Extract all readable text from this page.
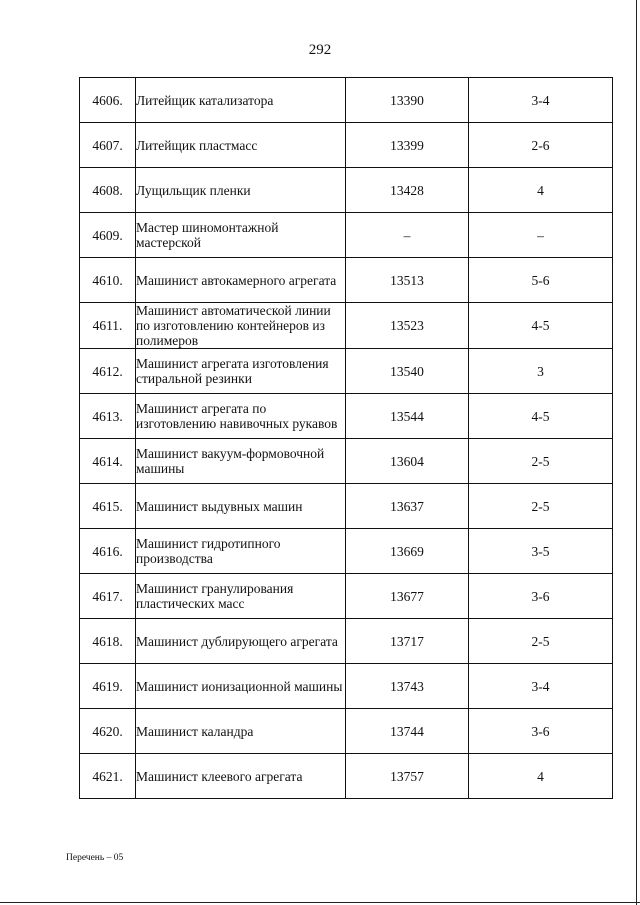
292
4606.	Литейщик катализатора	13390	3-4
4607.	Литейщик пластмасс	13399	2-6
4608.	Лущильщик пленки	13428	4
4609.	Мастер шиномонтажной мастерской	–	–
4610.	Машинист автокамерного агрегата	13513	5-6
4611.	Машинист автоматической линии по изготовлению контейнеров из полимеров	13523	4-5
4612.	Машинист агрегата изготовления стиральной резинки	13540	3
4613.	Машинист агрегата по изготовлению навивочных рукавов	13544	4-5
4614.	Машинист вакуум-формовочной машины	13604	2-5
4615.	Машинист выдувных машин	13637	2-5
4616.	Машинист гидротипного производства	13669	3-5
4617.	Машинист гранулирования пластических масс	13677	3-6
4618.	Машинист дублирующего агрегата	13717	2-5
4619.	Машинист ионизационной машины	13743	3-4
4620.	Машинист каландра	13744	3-6
4621.	Машинист клеевого агрегата	13757	4
Перечень – 05
